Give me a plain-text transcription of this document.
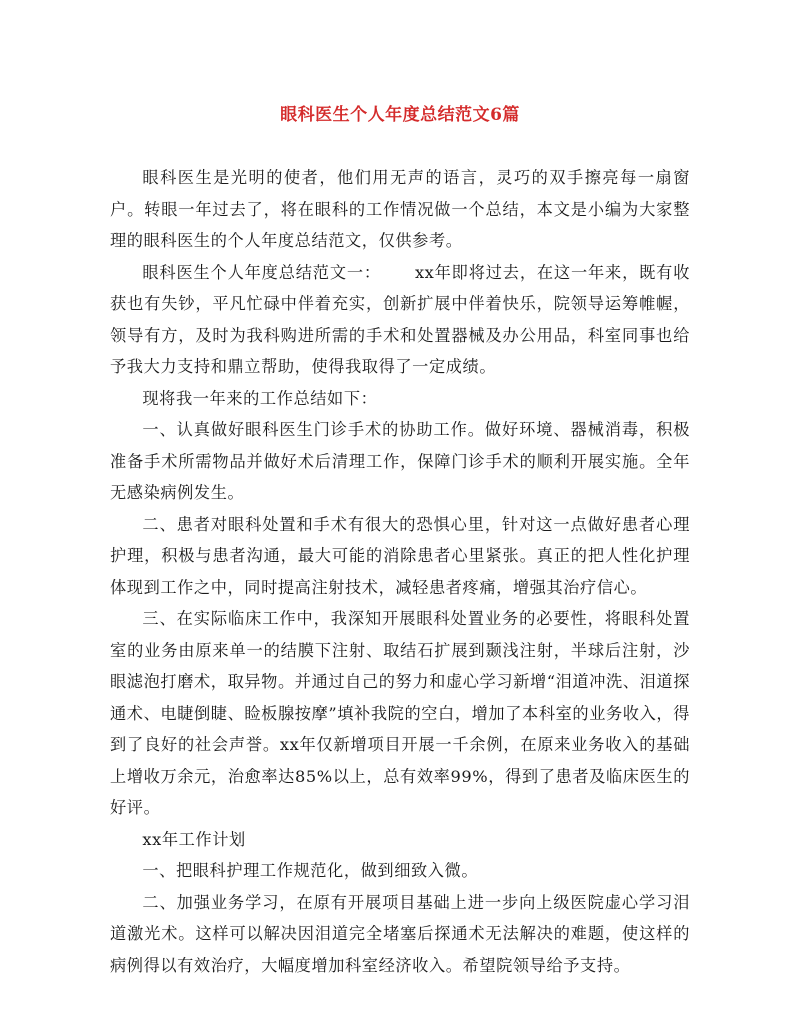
眼科医生个人年度总结范文6篇

眼科医生是光明的使者，他们用无声的语言，灵巧的双手擦亮每一扇窗户。转眼一年过去了，将在眼科的工作情况做一个总结，本文是小编为大家整理的眼科医生的个人年度总结范文，仅供参考。

眼科医生个人年度总结范文一： xx年即将过去，在这一年来，既有收获也有失钞，平凡忙碌中伴着充实，创新扩展中伴着快乐，院领导运筹帷幄，领导有方，及时为我科购进所需的手术和处置器械及办公用品，科室同事也给予我大力支持和鼎立帮助，使得我取得了一定成绩。

现将我一年来的工作总结如下：

一、认真做好眼科医生门诊手术的协助工作。做好环境、器械消毒，积极准备手术所需物品并做好术后清理工作，保障门诊手术的顺利开展实施。全年无感染病例发生。

二、患者对眼科处置和手术有很大的恐惧心里，针对这一点做好患者心理护理，积极与患者沟通，最大可能的消除患者心里紧张。真正的把人性化护理体现到工作之中，同时提高注射技术，减轻患者疼痛，增强其治疗信心。

三、在实际临床工作中，我深知开展眼科处置业务的必要性，将眼科处置室的业务由原来单一的结膜下注射、取结石扩展到颞浅注射，半球后注射，沙眼滤泡打磨术，取异物。并通过自己的努力和虚心学习新增“泪道冲洗、泪道探通术、电睫倒睫、睑板腺按摩”填补我院的空白，增加了本科室的业务收入，得到了良好的社会声誉。xx年仅新增项目开展一千余例，在原来业务收入的基础上增收万余元，治愈率达85%以上，总有效率99%，得到了患者及临床医生的好评。

xx年工作计划

一、把眼科护理工作规范化，做到细致入微。

二、加强业务学习，在原有开展项目基础上进一步向上级医院虚心学习泪道激光术。这样可以解决因泪道完全堵塞后探通术无法解决的难题，使这样的病例得以有效治疗，大幅度增加科室经济收入。希望院领导给予支持。
